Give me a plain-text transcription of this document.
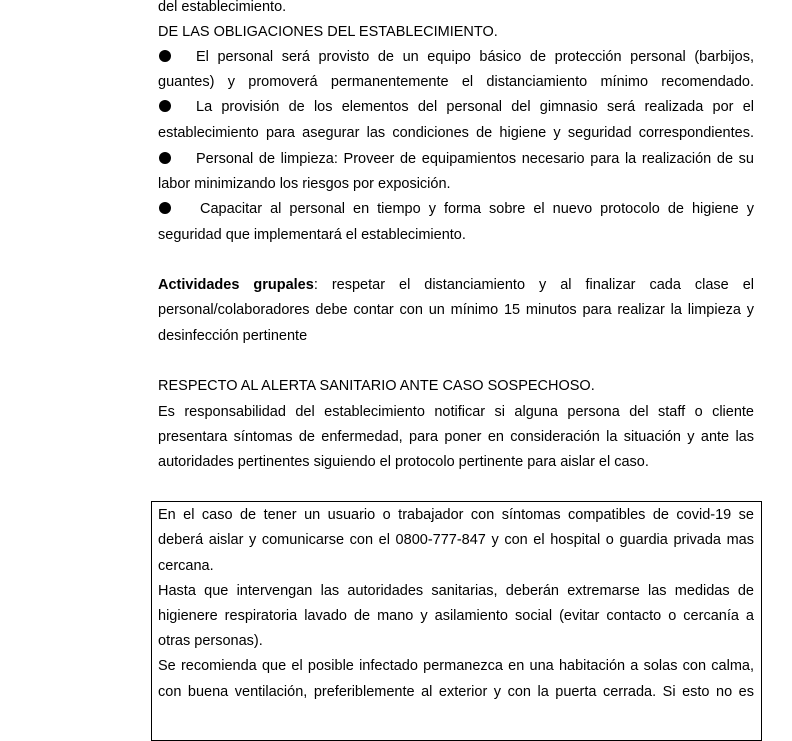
del establecimiento.
DE LAS OBLIGACIONES DEL ESTABLECIMIENTO.
El personal será provisto de un equipo básico de protección personal (barbijos,
guantes) y promoverá permanentemente el distanciamiento mínimo recomendado.
La provisión de los elementos del personal del gimnasio será realizada por el
establecimiento para asegurar las condiciones de higiene y seguridad correspondientes.
Personal de limpieza: Proveer de equipamientos necesario para la realización de su
labor minimizando los riesgos por exposición.
Capacitar al personal en tiempo y forma sobre el nuevo protocolo de higiene y
seguridad que implementará el establecimiento.
Actividades grupales: respetar el distanciamiento y al finalizar cada clase el
personal/colaboradores debe contar con un mínimo 15 minutos para realizar la limpieza y
desinfección pertinente
RESPECTO AL ALERTA SANITARIO ANTE CASO SOSPECHOSO.
Es responsabilidad del establecimiento notificar si alguna persona del staff o cliente
presentara síntomas de enfermedad, para poner en consideración la situación y ante las
autoridades pertinentes siguiendo el protocolo pertinente para aislar el caso.
En el caso de tener un usuario o trabajador con síntomas compatibles de covid-19 se
deberá aislar y comunicarse con el 0800-777-847 y con el hospital o guardia privada mas
cercana.
Hasta que intervengan las autoridades sanitarias, deberán extremarse las medidas de
higienere respiratoria lavado de mano y asilamiento social (evitar contacto o cercanía a
otras personas).
Se recomienda que el posible infectado permanezca en una habitación a solas con calma,
con buena ventilación, preferiblemente al exterior y con la puerta cerrada. Si esto no es
